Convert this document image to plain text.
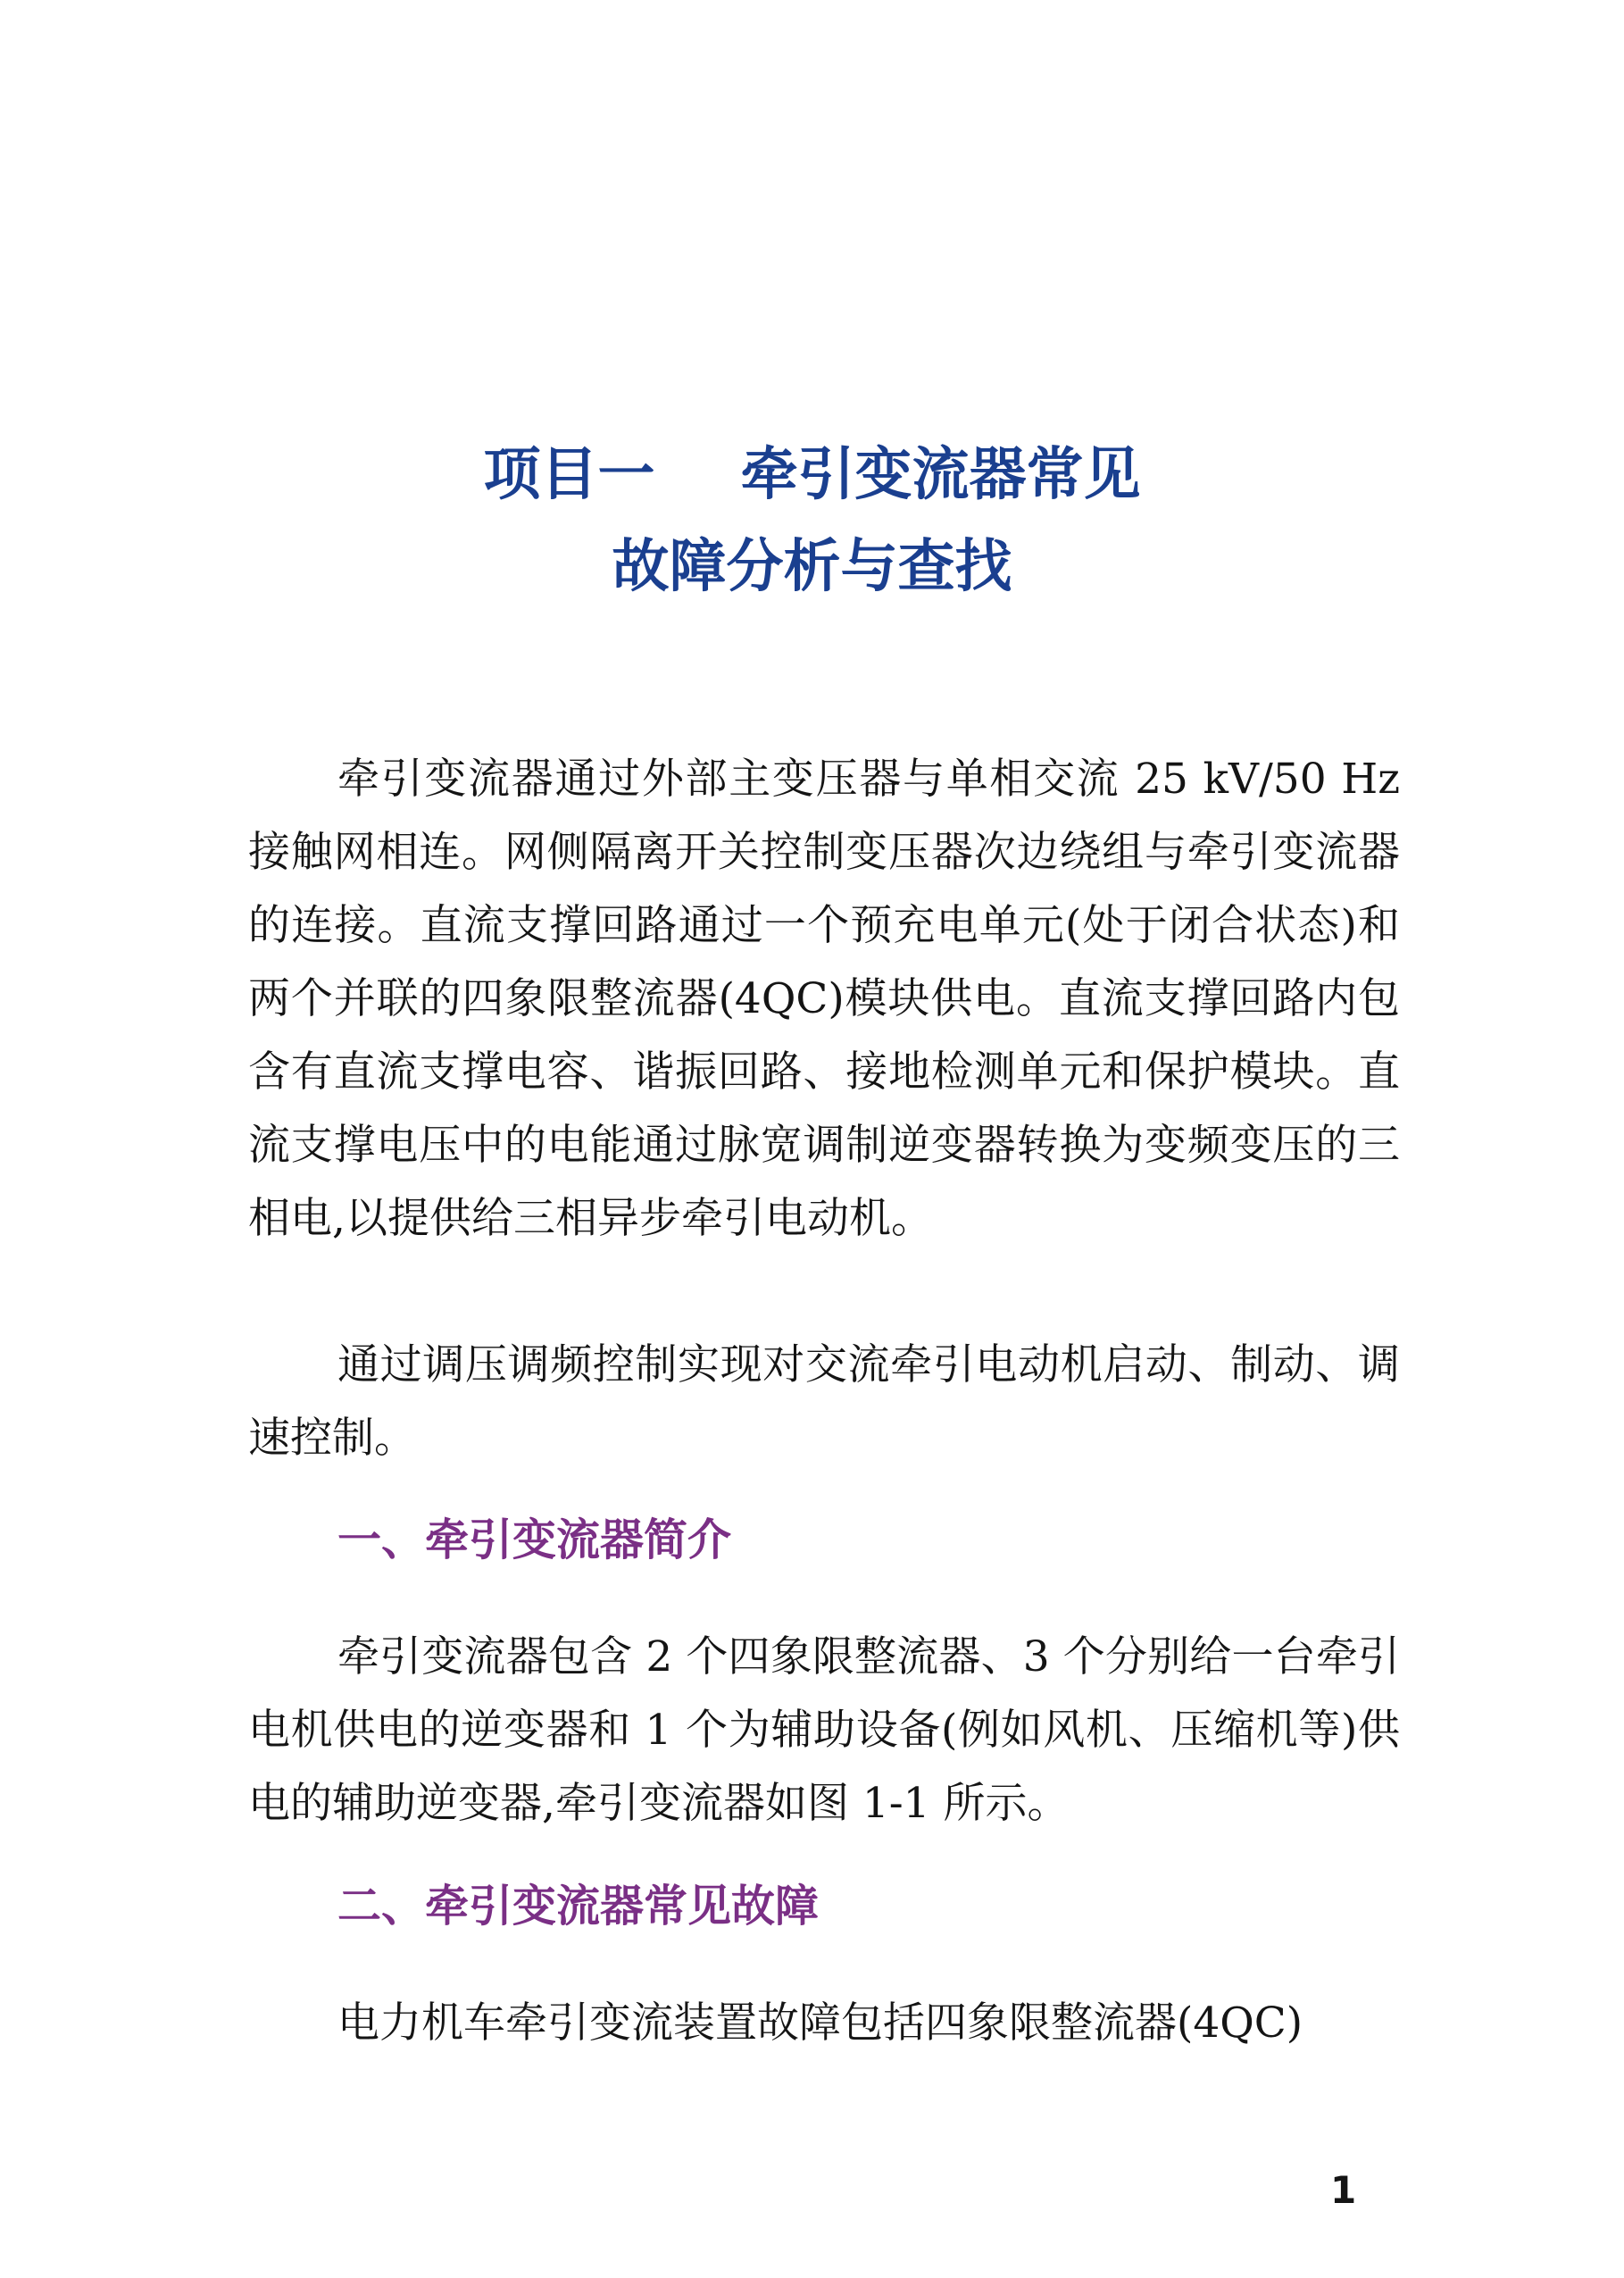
项目一 牵引变流器常见
故障分析与查找

牵引变流器通过外部主变压器与单相交流 25 kV/50 Hz 接触网相连。网侧隔离开关控制变压器次边绕组与牵引变流器的连接。直流支撑回路通过一个预充电单元(处于闭合状态)和两个并联的四象限整流器(4QC)模块供电。直流支撑回路内包含有直流支撑电容、谐振回路、接地检测单元和保护模块。直流支撑电压中的电能通过脉宽调制逆变器转换为变频变压的三相电,以提供给三相异步牵引电动机。

通过调压调频控制实现对交流牵引电动机启动、制动、调速控制。

一、牵引变流器简介

牵引变流器包含 2 个四象限整流器、3 个分别给一台牵引电机供电的逆变器和 1 个为辅助设备(例如风机、压缩机等)供电的辅助逆变器,牵引变流器如图 1-1 所示。

二、牵引变流器常见故障

电力机车牵引变流装置故障包括四象限整流器(4QC)

1
